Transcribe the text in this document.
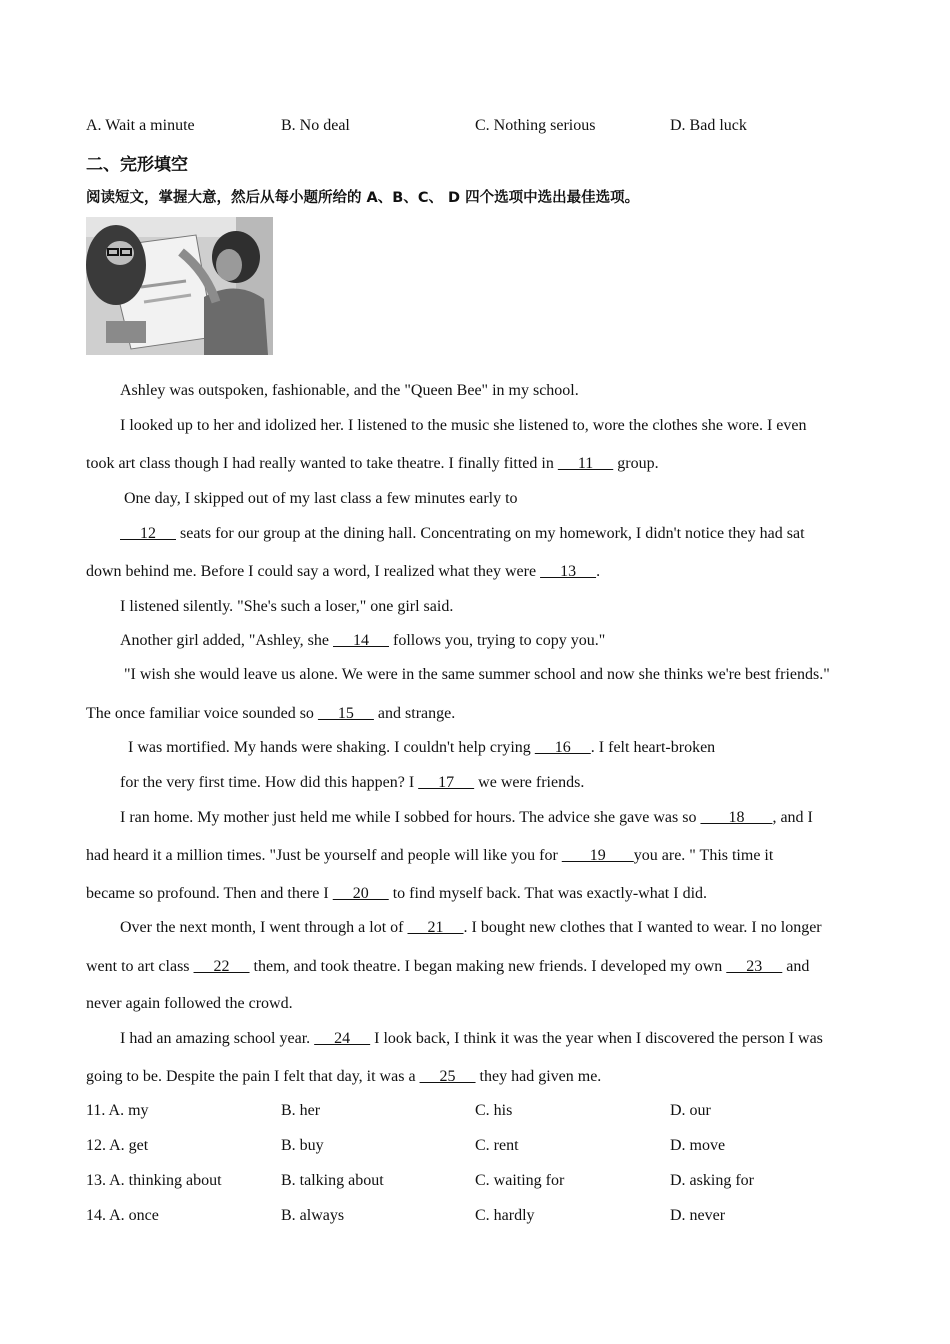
A. Wait a minute	B. No deal	C. Nothing serious	D. Bad luck
二、完形填空
阅读短文，掌握大意，然后从每小题所给的 A、B、C、 D 四个选项中选出最佳选项。
Ashley was outspoken, fashionable, and the "Queen Bee" in my school.
I looked up to her and idolized her. I listened to the music she listened to, wore the clothes she wore. I even
took art class though I had really wanted to take theatre. I finally fitted in      11      group.
One day, I skipped out of my last class a few minutes early to
12      seats for our group at the dining hall. Concentrating on my homework, I didn't notice they had sat
down behind me. Before I could say a word, I realized what they were      13     .
I listened silently. "She's such a loser," one girl said.
Another girl added, "Ashley, she      14      follows you, trying to copy you."
"I wish she would leave us alone. We were in the same summer school and now she thinks we're best friends."
The once familiar voice sounded so      15      and strange.
I was mortified. My hands were shaking. I couldn't help crying      16     . I felt heart-broken
for the very first time. How did this happen? I      17      we were friends.
I ran home. My mother just held me while I sobbed for hours. The advice she gave was so        18       , and I
had heard it a million times. "Just be yourself and people will like you for        19       you are. " This time it
became so profound. Then and there I      20      to find myself back. That was exactly-what I did.
Over the next month, I went through a lot of      21     . I bought new clothes that I wanted to wear. I no longer
went to art class      22      them, and took theatre. I began making new friends. I developed my own      23      and
never again followed the crowd.
I had an amazing school year.      24      I look back, I think it was the year when I discovered the person I was
going to be. Despite the pain I felt that day, it was a      25      they had given me.
11. A. my	B. her	C. his	D. our
12. A. get	B. buy	C. rent	D. move
13. A. thinking about	B. talking about	C. waiting for	D. asking for
14. A. once	B. always	C. hardly	D. never
